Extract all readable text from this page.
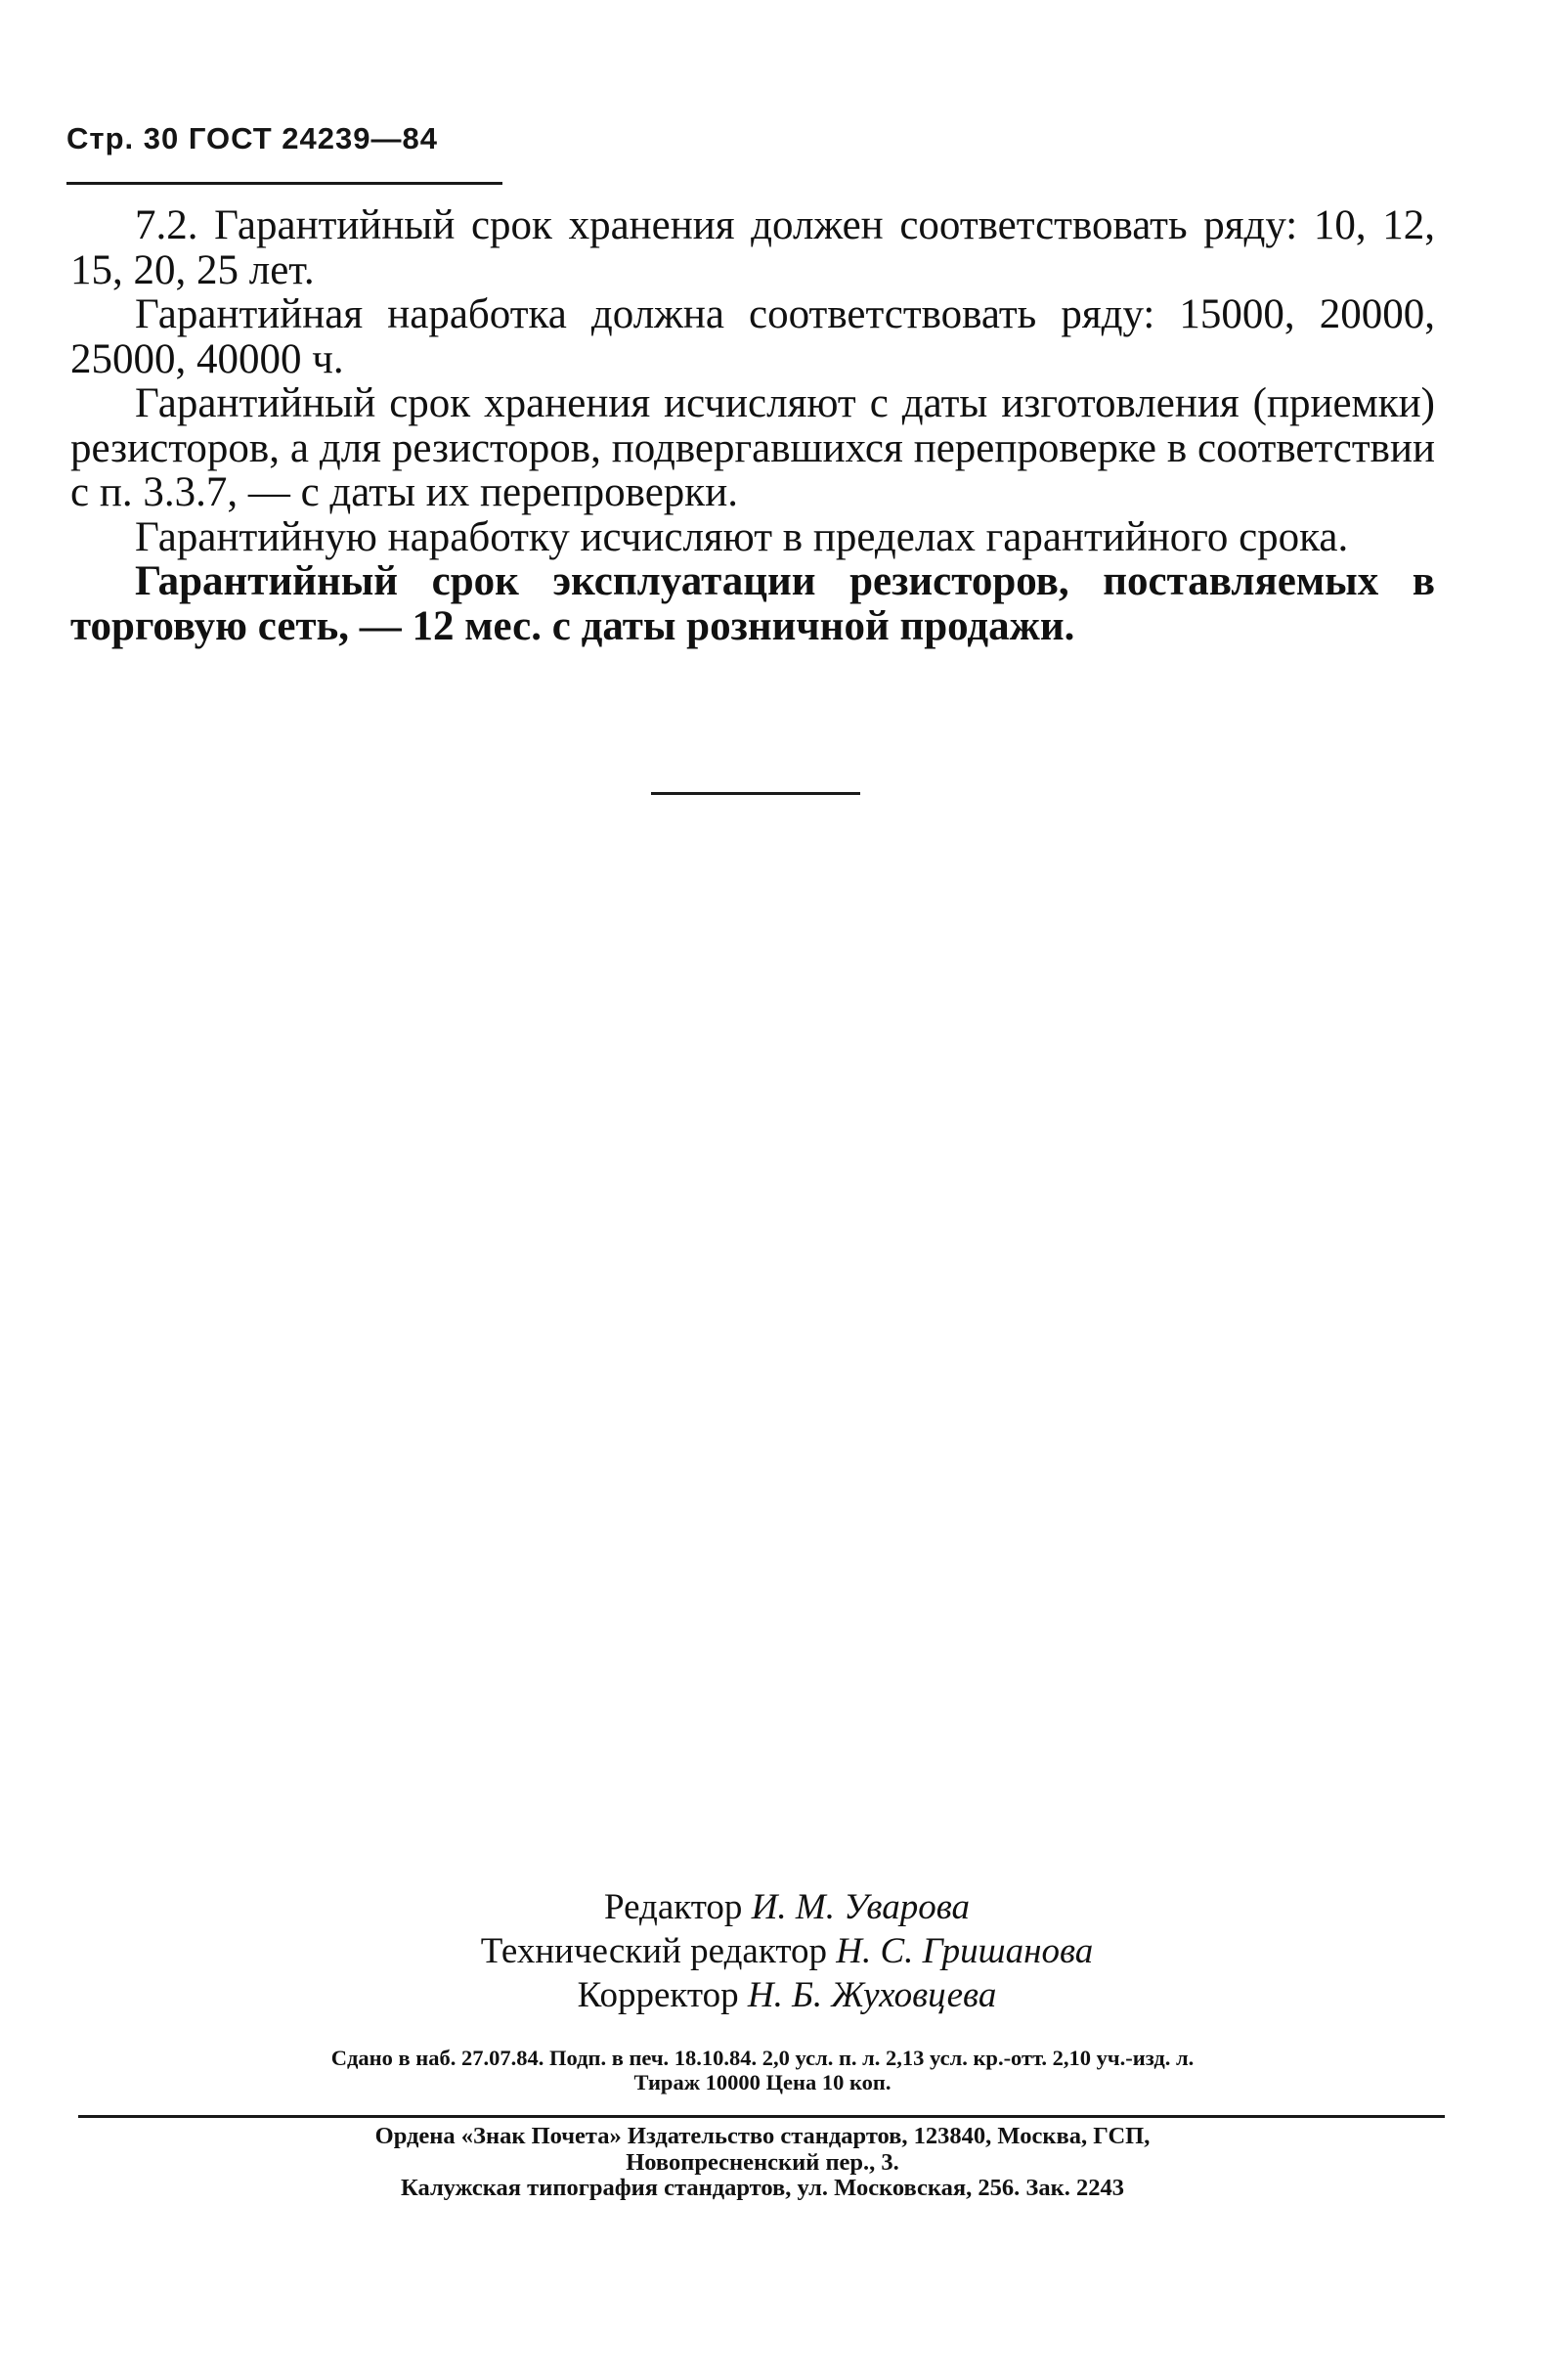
Стр. 30 ГОСТ 24239—84

7.2. Гарантийный срок хранения должен соответствовать ряду: 10, 12, 15, 20, 25 лет.

Гарантийная наработка должна соответствовать ряду: 15000, 20000, 25000, 40000 ч.

Гарантийный срок хранения исчисляют с даты изготовления (приемки) резисторов, а для резисторов, подвергавшихся перепроверке в соответствии с п. 3.3.7, — с даты их перепроверки.

Гарантийную наработку исчисляют в пределах гарантийного срока.

Гарантийный срок эксплуатации резисторов, поставляемых в торговую сеть, — 12 мес. с даты розничной продажи.

Редактор И. М. Уварова
Технический редактор Н. С. Гришанова
Корректор Н. Б. Жуховцева
Сдано в наб. 27.07.84. Подп. в печ. 18.10.84. 2,0 усл. п. л. 2,13 усл. кр.-отт. 2,10 уч.-изд. л.
Тираж 10000 Цена 10 коп.
Ордена «Знак Почета» Издательство стандартов, 123840, Москва, ГСП,
Новопресненский пер., 3.
Калужская типография стандартов, ул. Московская, 256. Зак. 2243
